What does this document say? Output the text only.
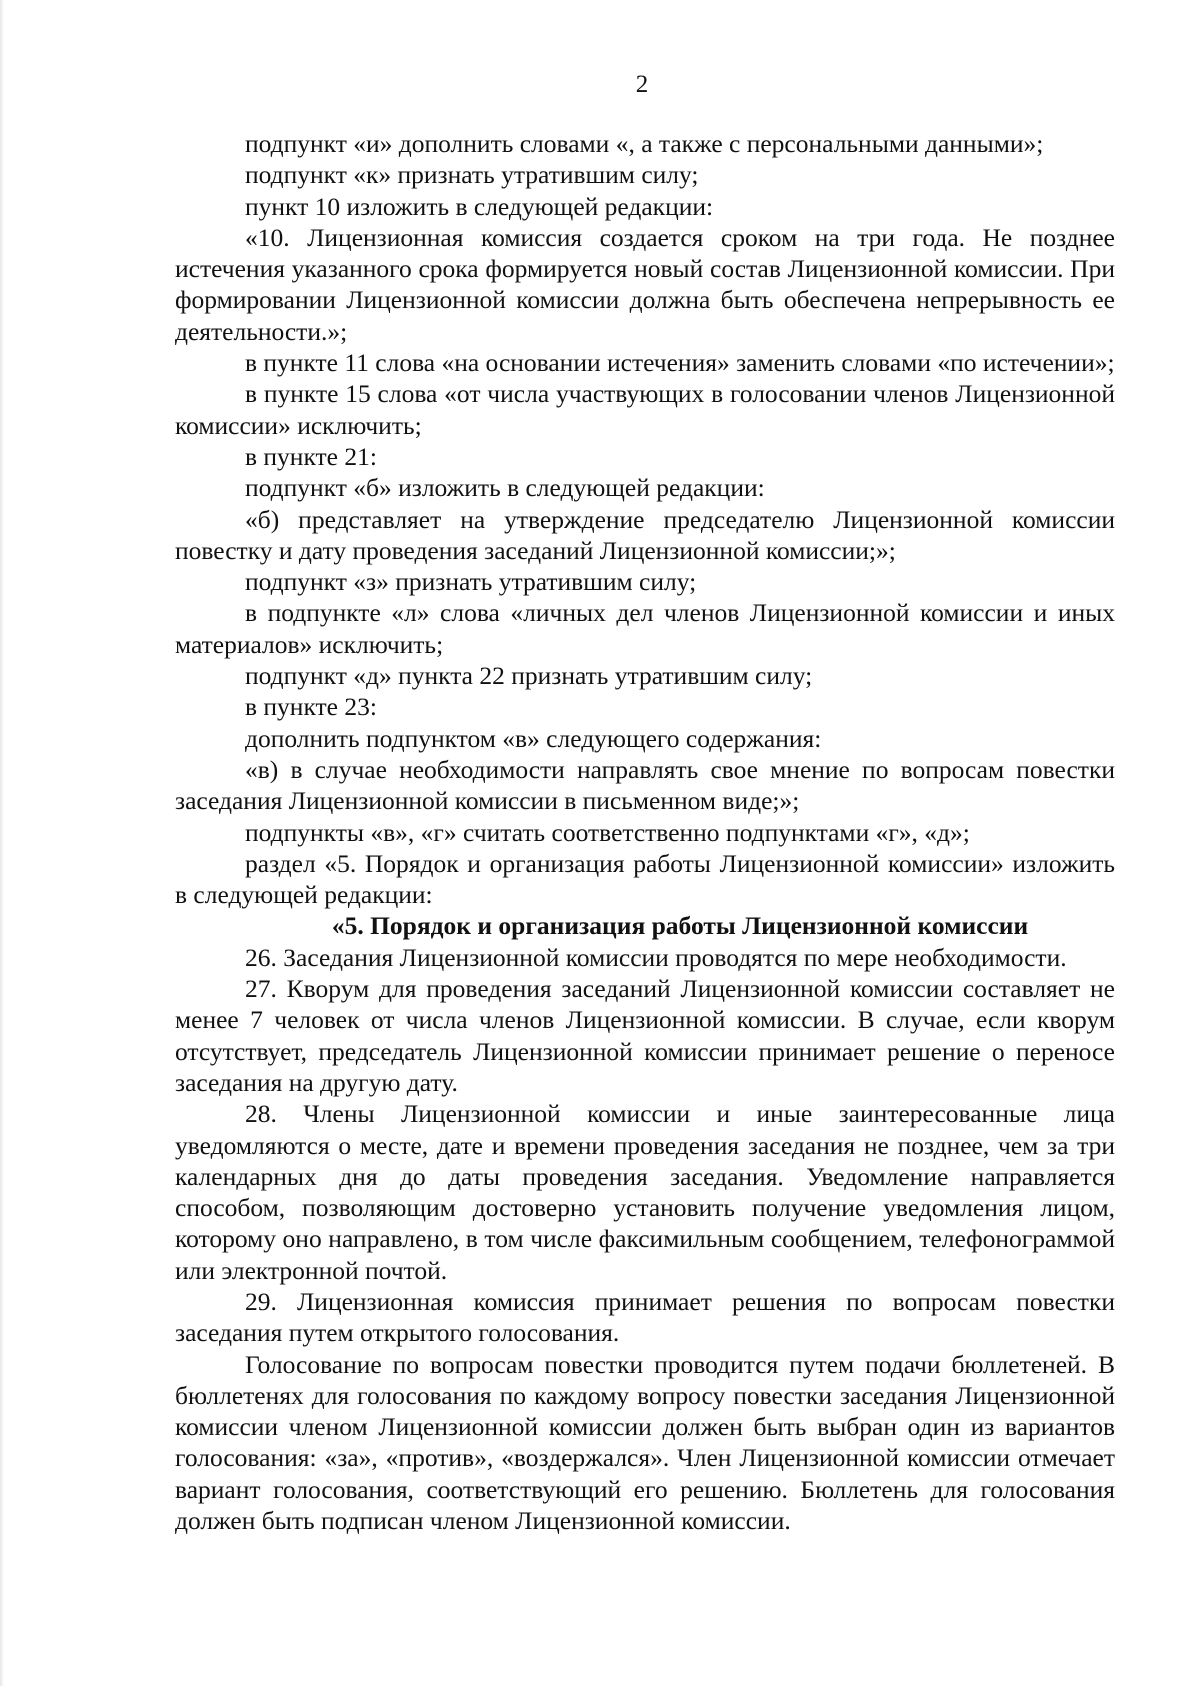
2

подпункт «и» дополнить словами «, а также с персональными данными»;

подпункт «к» признать утратившим силу;

пункт 10 изложить в следующей редакции:

«10. Лицензионная комиссия создается сроком на три года. Не позднее истечения указанного срока формируется новый состав Лицензионной комиссии. При формировании Лицензионной комиссии должна быть обеспечена непрерывность ее деятельности.»;

в пункте 11 слова «на основании истечения» заменить словами «по истечении»;

в пункте 15 слова «от числа участвующих в голосовании членов Лицензионной комиссии» исключить;

в пункте 21:

подпункт «б» изложить в следующей редакции:

«б) представляет на утверждение председателю Лицензионной комиссии повестку и дату проведения заседаний Лицензионной комиссии;»;

подпункт «з» признать утратившим силу;

в подпункте «л» слова «личных дел членов Лицензионной комиссии и иных материалов» исключить;

подпункт «д» пункта 22 признать утратившим силу;

в пункте 23:

дополнить подпунктом «в» следующего содержания:

«в) в случае необходимости направлять свое мнение по вопросам повестки заседания Лицензионной комиссии в письменном виде;»;

подпункты «в», «г» считать соответственно подпунктами «г», «д»;

раздел «5. Порядок и организация работы Лицензионной комиссии» изложить в следующей редакции:

«5. Порядок и организация работы Лицензионной комиссии

26. Заседания Лицензионной комиссии проводятся по мере необходимости.

27. Кворум для проведения заседаний Лицензионной комиссии составляет не менее 7 человек от числа членов Лицензионной комиссии. В случае, если кворум отсутствует, председатель Лицензионной комиссии принимает решение о переносе заседания на другую дату.

28. Члены Лицензионной комиссии и иные заинтересованные лица уведомляются о месте, дате и времени проведения заседания не позднее, чем за три календарных дня до даты проведения заседания. Уведомление направляется способом, позволяющим достоверно установить получение уведомления лицом, которому оно направлено, в том числе факсимильным сообщением, телефонограммой или электронной почтой.

29. Лицензионная комиссия принимает решения по вопросам повестки заседания путем открытого голосования.

Голосование по вопросам повестки проводится путем подачи бюллетеней. В бюллетенях для голосования по каждому вопросу повестки заседания Лицензионной комиссии членом Лицензионной комиссии должен быть выбран один из вариантов голосования: «за», «против», «воздержался». Член Лицензионной комиссии отмечает вариант голосования, соответствующий его решению. Бюллетень для голосования должен быть подписан членом Лицензионной комиссии.
